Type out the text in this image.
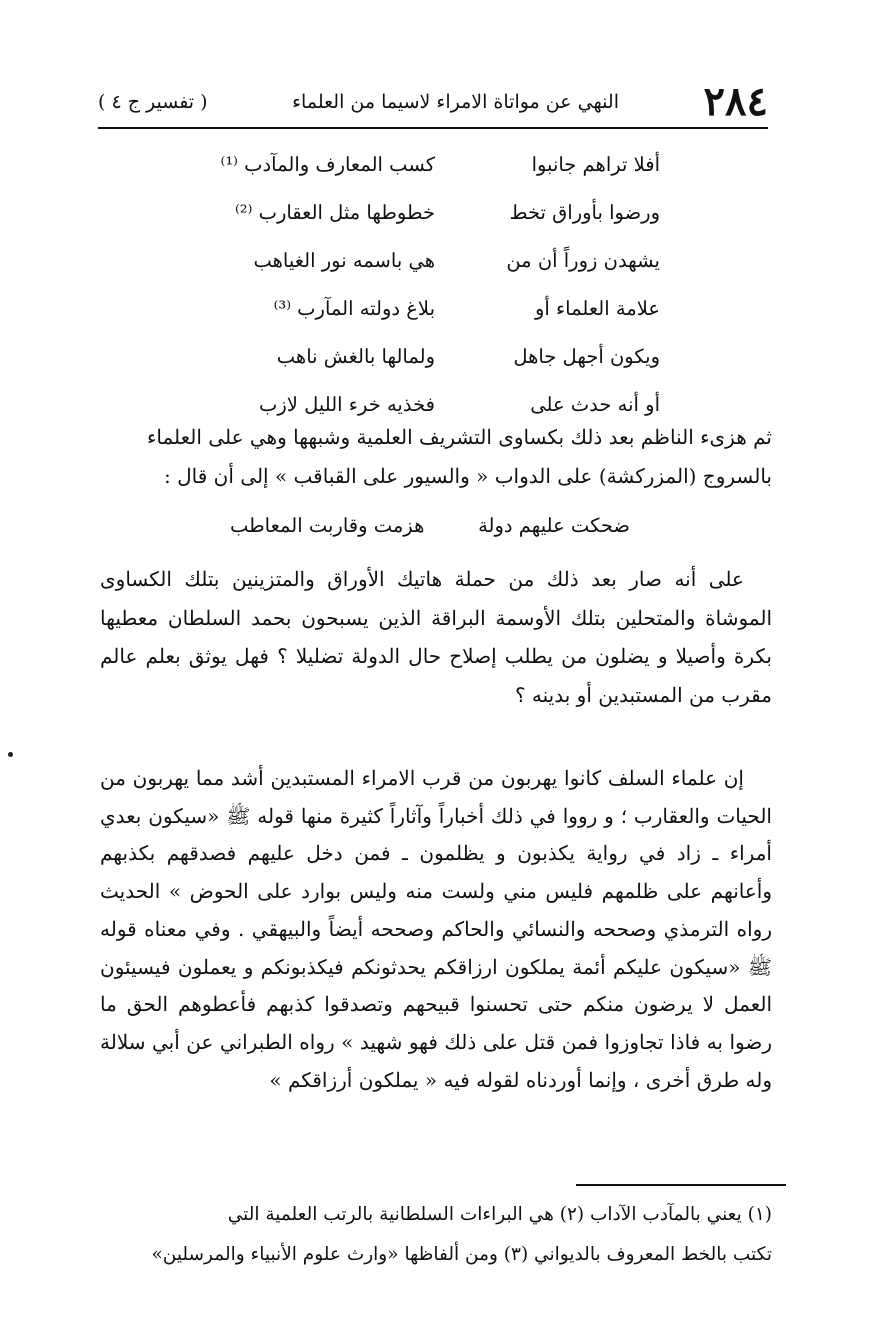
٢٨٤
النهي عن مواتاة الامراء لاسيما من العلماء
( تفسير ج ٤ )
أفلا تراهم جانبوا
كسب المعارف والمآدب ⁽¹⁾
ورضوا بأوراق تخط
خطوطها مثل العقارب ⁽²⁾
يشهدن زوراً أن من
هي باسمه نور الغياهب
علامة العلماء أو
بلاغ دولته المآرب ⁽³⁾
ويكون أجهل جاهل
ولمالها بالغش ناهب
أو أنه حدث على
فخذيه خرء الليل لازب

ثم هزىء الناظم بعد ذلك بكساوى التشريف العلمية وشبهها وهي على العلماء

بالسروج (المزركشة) على الدواب « والسيور على القباقب » إلى أن قال :

ضحكت عليهم دولة
هزمت وقاربت المعاطب

على أنه صار بعد ذلك من حملة هاتيك الأوراق والمتزينين بتلك الكساوى الموشاة والمتحلين بتلك الأوسمة البراقة الذين يسبحون بحمد السلطان معطيها بكرة وأصيلا و يضلون من يطلب إصلاح حال الدولة تضليلا ؟ فهل يوثق بعلم عالم مقرب من المستبدين أو بدينه ؟

إن علماء السلف كانوا يهربون من قرب الامراء المستبدين أشد مما يهربون من الحيات والعقارب ؛ و رووا في ذلك أخباراً وآثاراً كثيرة منها قوله ﷺ «سيكون بعدي أمراء ـ زاد في رواية يكذبون و يظلمون ـ فمن دخل عليهم فصدقهم بكذبهم وأعانهم على ظلمهم فليس مني ولست منه وليس بوارد على الحوض » الحديث رواه الترمذي وصححه والنسائي والحاكم وصححه أيضاً والبيهقي . وفي معناه قوله ﷺ «سيكون عليكم أئمة يملكون ارزاقكم يحدثونكم فيكذبونكم و يعملون فيسيئون العمل لا يرضون منكم حتى تحسنوا قبيحهم وتصدقوا كذبهم فأعطوهم الحق ما رضوا به فاذا تجاوزوا فمن قتل على ذلك فهو شهيد » رواه الطبراني عن أبي سلالة وله طرق أخرى ، وإنما أوردناه لقوله فيه « يملكون أرزاقكم »

(١) يعني بالمآدب الآداب (٢) هي البراءات السلطانية بالرتب العلمية التي

تكتب بالخط المعروف بالديواني (٣) ومن ألفاظها «وارث علوم الأنبياء والمرسلين»
